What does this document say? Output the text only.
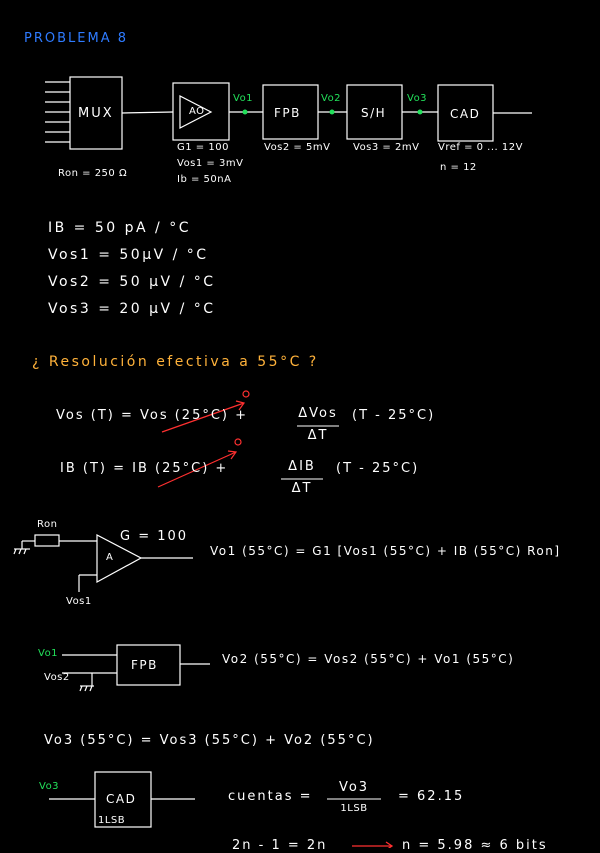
PROBLEMA 8
MUX	AO	FPB	S/H	CAD
Vo1	Vo2	Vo3
Ron = 250 Ω
G1 = 100
Vos1 = 3mV
Ib = 50nA
Vos2 = 5mV Vos3 = 2mV Vref = 0 ... 12V
n = 12
IB = 50 pA / °C
Vos1 = 50μV / °C
Vos2 = 50 μV / °C
Vos3 = 20 μV / °C
¿ Resolución efectiva a 55°C ?
Vos (T) = Vos (25°C) +	ΔVos
ΔT
(T - 25°C)
IB (T) = IB (25°C) +	ΔIB
ΔT
(T - 25°C)
Ron
G = 100
A
Vos1
Vo1 (55°C) = G1 [Vos1 (55°C) + IB (55°C) Ron]
Vo1
FPB
Vos2
Vo2 (55°C) = Vos2 (55°C) + Vo1 (55°C)
Vo3 (55°C) = Vos3 (55°C) + Vo2 (55°C)
Vo3
CAD
1LSB
cuentas =
Vo3
1LSB
= 62.15
2n - 1 = 2n	n = 5.98 ≈ 6 bits
